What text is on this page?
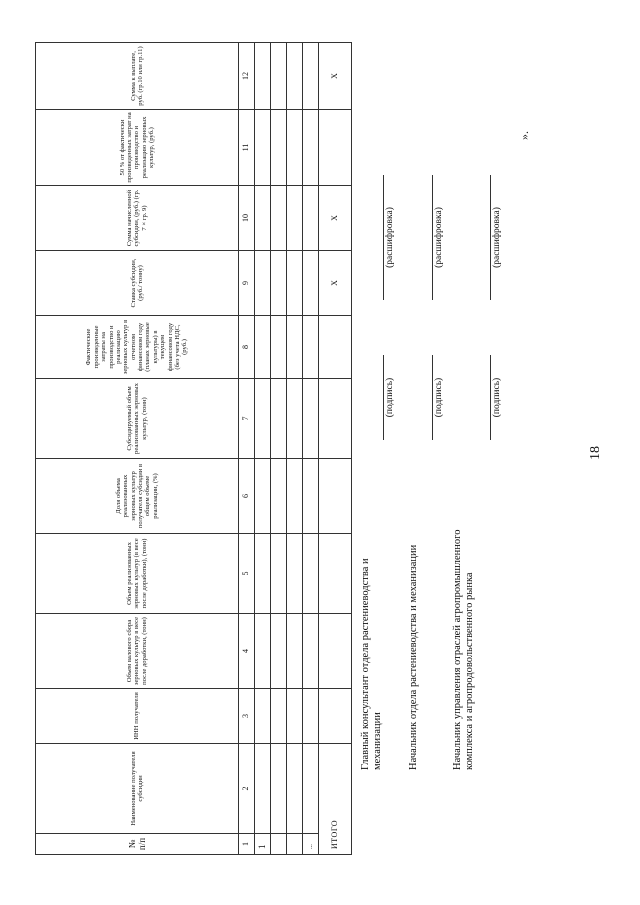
18
№ п/п	Наименование получателя субсидии	ИНН получателя	Объем валового сбора зерновых культур в весе после доработки, (тонн)	Объем реализованных зерновых культур (в весе после доработки), (тонн)	Доля объема реализованных зерновых культур получателя субсидии в общем объеме реализации, (%)	Субсидируемый объем реализованных зерновых культур, (тонн)	Фактические произведенные затраты на производство и реализацию зерновых культур в отчетном финансовом году (планах зерновые культуры) в текущем финансовом году (без учета НДС, (руб.)	Ставка субсидии, (руб./ тонну)	Сумма начисленной субсидии, (руб.) (гр. 7 × гр. 9)	50 % от фактически произведенных затрат на производство и реализацию зерновых культур, (руб.)	Сумма к выплате, руб. (гр.10 или гр.11)
1	2	3	4	5	6	7	8	9	10	11	12
1											

...											
ИТОГО								X	X		X
Главный консультант отдела растениеводства и механизации
(подпись)
(расшифровка)
Начальник отдела растениеводства и механизации
(подпись)
(расшифровка)
Начальник управления отраслей агропромышленного комплекса и агропродовольственного рынка
(подпись)
(расшифровка)
».
